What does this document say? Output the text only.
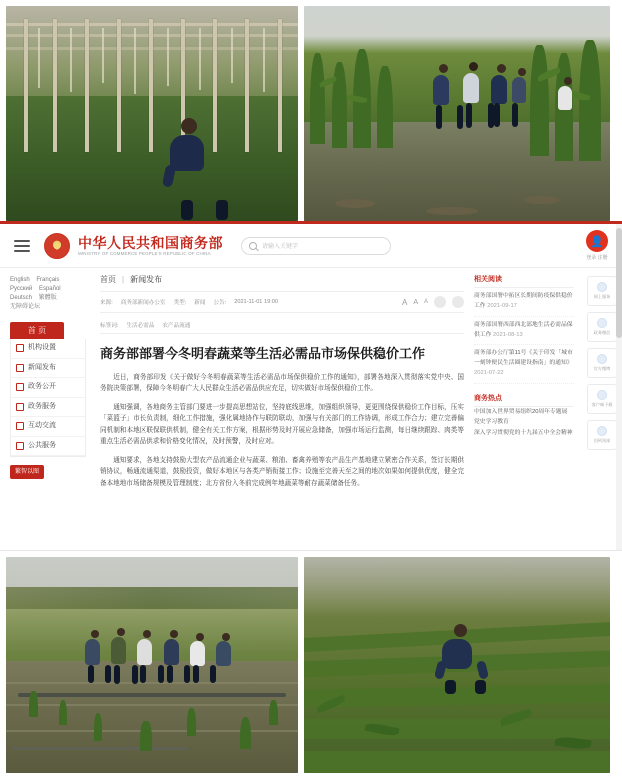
中华人民共和国商务部
MINISTRY OF COMMERCE PEOPLE'S REPUBLIC OF CHINA
请输入关键字	👤
登录 注册
English Français
Русский Español
Deutsch 繁體版
无障碍论坛
首 页
机构设置
新闻发布
政务公开
政务服务
互动交流
公共服务
繁智以图
首页 | 新闻发布
来源: 商务部新闻办公室 类型: 新闻 公告: 2021-11-01 19:00	A A A
标签词: 生活必需品 农产品流通
商务部部署今冬明春蔬菜等生活必需品市场保供稳价工作
近日，商务部印发《关于做好今冬明春蔬菜等生活必需品市场保供稳价工作的通知》，部署各地深入贯彻落实党中央、国务院决策部署，保障今冬明春广大人民群众生活必需品供应充足，切实做好市场保供稳价工作。
通知强调，各地商务主管部门要进一步提高思想站位，坚持底线思维，加强组织领导，更更围绕保供稳价工作目标，压实「菜篮子」市长负责制，细化工作措施，强化属地协作与联防联动，加强与有关部门的工作协调，形成工作合力；建立完善偏同机制和本地区联保联供机制，健全有关工作方案，根据形势及时开展应急储备，加强市场运行监测，每日继续跟踪、肉类等重点生活必需品供求和价格变化情况，及时预警，及时应对。
通知要求，各地支持鼓励大型农产品流通企业与蔬菜、粮油、畜禽养殖等农产品生产基地建立紧密合作关系，签订长期供销协议，畅通流通渠道，鼓励投资，做好本地区与各类产销衔接工作；设施至完善天至之间的地次如果如何提供优度，健全完备本地地市场储备规模及管理制度；北方省份入冬前完成例年地蔬菜等耐存蔬菜储备任务。
相关阅读
商务部国署中拓区长期间防疫保供稳价工作 2021-09-17
商务部国署西部西北部地生活必需品保供工作 2021-08-13
商务部办公厅第11号《关于印发「城市一刻钟便民生活圈建设指南」的通知》 2021-07-22
商务热点
中国加入世界贸易组织20周年专题展
党史学习教育
深入学习贯彻党的十九届五中全会精神
网上服务
政务微信
官方微博
客户端下载
回到顶部
